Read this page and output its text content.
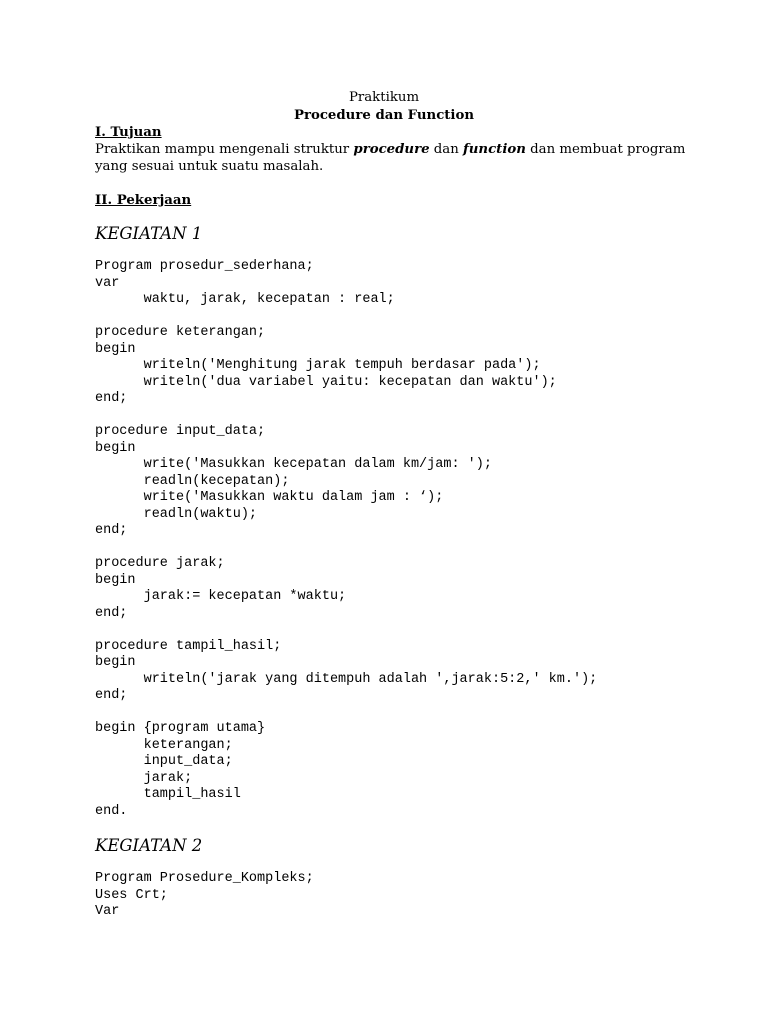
Praktikum
Procedure dan Function
I. Tujuan
Praktikan mampu mengenali struktur procedure dan function dan membuat program
yang sesuai untuk suatu masalah.
II. Pekerjaan
KEGIATAN 1
Program prosedur_sederhana;
var
waktu, jarak, kecepatan : real;

procedure keterangan;
begin
writeln('Menghitung jarak tempuh berdasar pada');
writeln('dua variabel yaitu: kecepatan dan waktu');
end;

procedure input_data;
begin
write('Masukkan kecepatan dalam km/jam: ');
readln(kecepatan);
write('Masukkan waktu dalam jam : ‘);
readln(waktu);
end;

procedure jarak;
begin
jarak:= kecepatan *waktu;
end;

procedure tampil_hasil;
begin
writeln('jarak yang ditempuh adalah ',jarak:5:2,' km.');
end;

begin {program utama}
keterangan;
input_data;
jarak;
tampil_hasil
end.
KEGIATAN 2
Program Prosedure_Kompleks;
Uses Crt;
Var
